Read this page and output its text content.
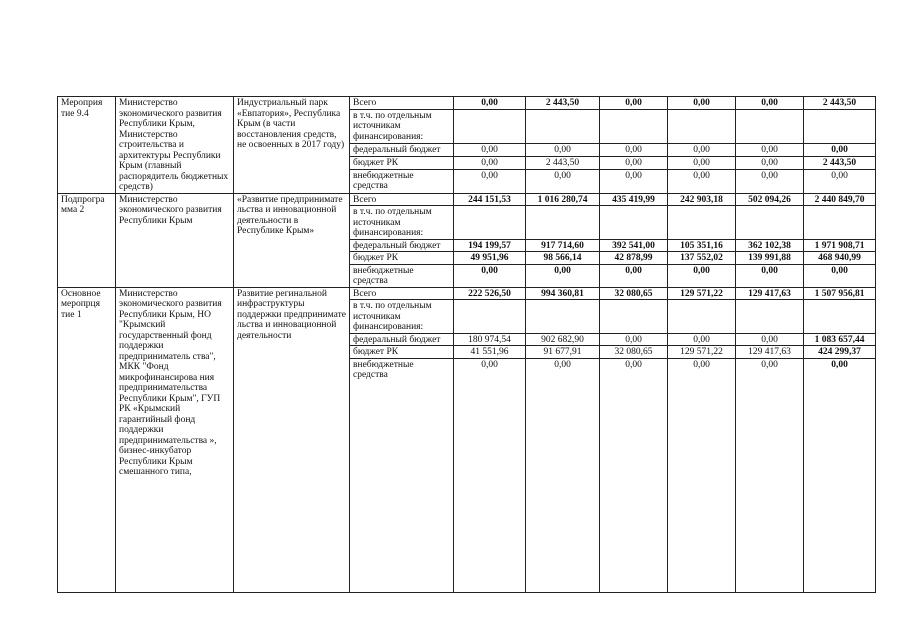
Мероприя тие 9.4	Министерство экономического развития Республики Крым, Министерство строительства и архитектуры Республики Крым (главный распорядитель бюджетных средств)	Индустриальный парк «Евпатория», Республика Крым (в части восстановления средств, не освоенных в 2017 году)	Всего	0,00	2 443,50	0,00	0,00	0,00	2 443,50
			в т.ч. по отдельным источникам финансирования:						
			федеральный бюджет	0,00	0,00	0,00	0,00	0,00	0,00
			бюджет РК	0,00	2 443,50	0,00	0,00	0,00	2 443,50
			внебюджетные средства	0,00	0,00	0,00	0,00	0,00	0,00
Подпрогра мма 2	Министерство экономического развития Республики Крым	«Развитие предпринимате льства и инновационной деятельности в Республике Крым»	Всего	244 151,53	1 016 280,74	435 419,99	242 903,18	502 094,26	2 440 849,70
			в т.ч. по отдельным источникам финансирования:						
			федеральный бюджет	194 199,57	917 714,60	392 541,00	105 351,16	362 102,38	1 971 908,71
			бюджет РК	49 951,96	98 566,14	42 878,99	137 552,02	139 991,88	468 940,99
			внебюджетные средства	0,00	0,00	0,00	0,00	0,00	0,00
Основное меропрця тие 1	Министерство экономического развития Республики Крым, НО "Крымский государственный фонд поддержки предприниматель ства", МКК "Фонд микрофинансирова ния предпринимательства Республики Крым", ГУП РК «Крымский гарантийный фонд поддержки предпринимательства », бизнес-инкубатор Республики Крым смешанного типа,	Развитие регинальной инфраструктуры поддержки предпринимате льства и инновационной деятельности	Всего	222 526,50	994 360,81	32 080,65	129 571,22	129 417,63	1 507 956,81
			в т.ч. по отдельным источникам финансирования:						
			федеральный бюджет	180 974,54	902 682,90	0,00	0,00	0,00	1 083 657,44
			бюджет РК	41 551,96	91 677,91	32 080,65	129 571,22	129 417,63	424 299,37
			внебюджетные средства	0,00	0,00	0,00	0,00	0,00	0,00
